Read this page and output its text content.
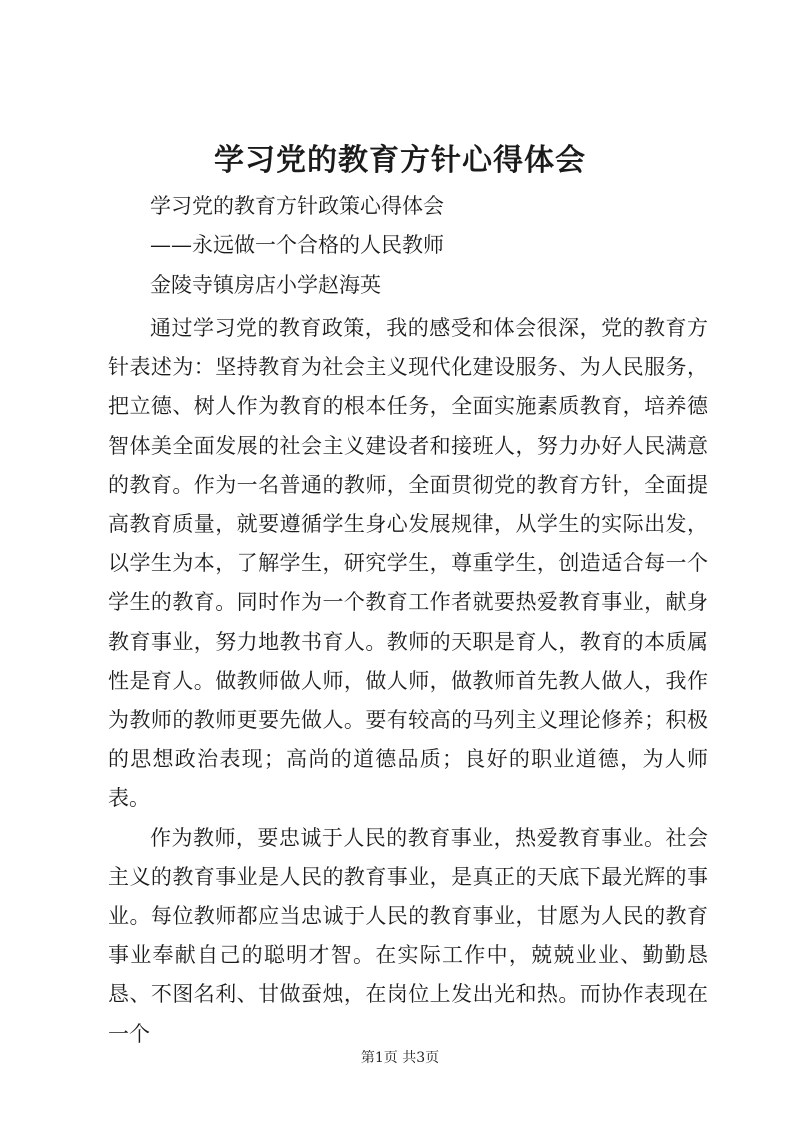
学习党的教育方针心得体会

学习党的教育方针政策心得体会

——永远做一个合格的人民教师

金陵寺镇房店小学赵海英

通过学习党的教育政策，我的感受和体会很深，党的教育方针表述为：坚持教育为社会主义现代化建设服务、为人民服务，把立德、树人作为教育的根本任务，全面实施素质教育，培养德智体美全面发展的社会主义建设者和接班人，努力办好人民满意的教育。作为一名普通的教师，全面贯彻党的教育方针，全面提高教育质量，就要遵循学生身心发展规律，从学生的实际出发，以学生为本，了解学生，研究学生，尊重学生，创造适合每一个学生的教育。同时作为一个教育工作者就要热爱教育事业，献身教育事业，努力地教书育人。教师的天职是育人，教育的本质属性是育人。做教师做人师，做人师，做教师首先教人做人，我作为教师的教师更要先做人。要有较高的马列主义理论修养；积极的思想政治表现；高尚的道德品质；良好的职业道德，为人师表。

作为教师，要忠诚于人民的教育事业，热爱教育事业。社会主义的教育事业是人民的教育事业，是真正的天底下最光辉的事业。每位教师都应当忠诚于人民的教育事业，甘愿为人民的教育事业奉献自己的聪明才智。在实际工作中，兢兢业业、勤勤恳恳、不图名利、甘做蚕烛，在岗位上发出光和热。而协作表现在一个

第1页 共3页
